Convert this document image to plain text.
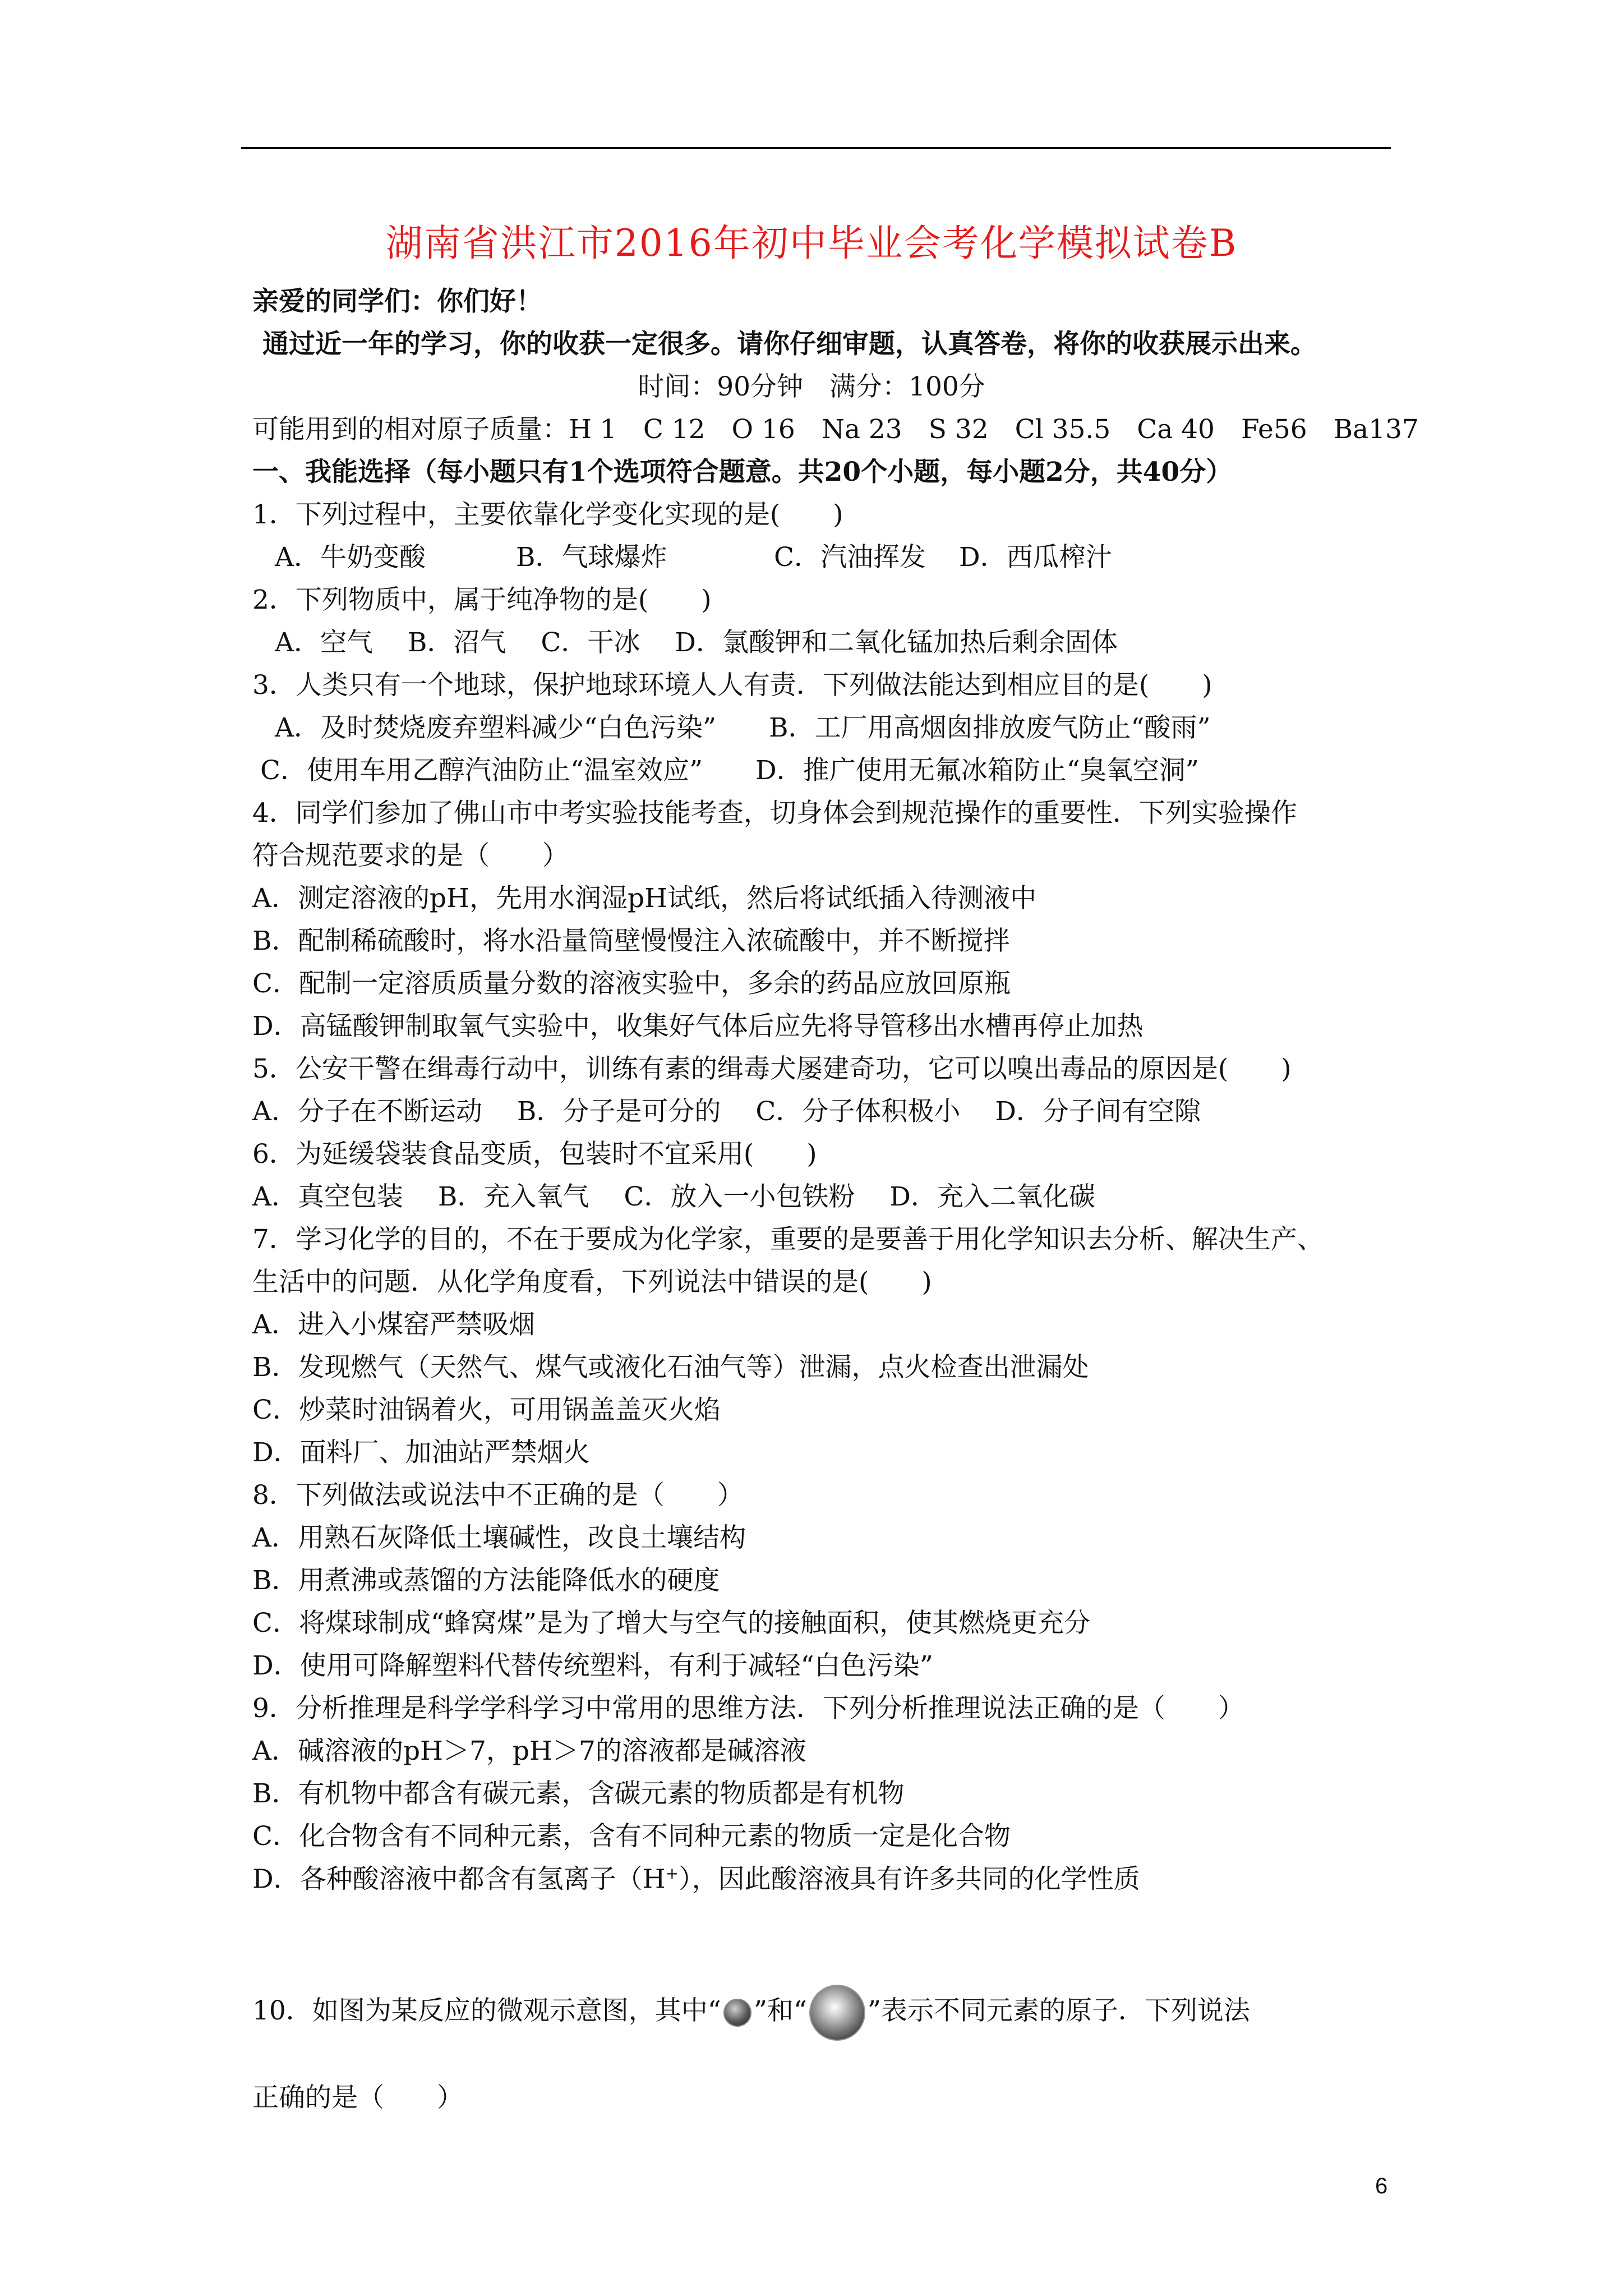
湖南省洪江市2016年初中毕业会考化学模拟试卷B
亲爱的同学们：你们好！
通过近一年的学习，你的收获一定很多。请你仔细审题，认真答卷，将你的收获展示出来。
时间：90分钟　满分：100分
可能用到的相对原子质量：H 1　C 12　O 16　Na 23　S 32　Cl 35.5　Ca 40　Fe56　Ba137
一、我能选择（每小题只有1个选项符合题意。共20个小题，每小题2分，共40分）
1．下列过程中，主要依靠化学变化实现的是(　　)
A．牛奶变酸	B．气球爆炸	C．汽油挥发 D．西瓜榨汁
2．下列物质中，属于纯净物的是(　　)
A．空气　 B．沼气　 C．干冰　 D．氯酸钾和二氧化锰加热后剩余固体
3．人类只有一个地球，保护地球环境人人有责．下列做法能达到相应目的是(　　)
A．及时焚烧废弃塑料减少“白色污染”　　B．工厂用高烟囱排放废气防止“酸雨”
C．使用车用乙醇汽油防止“温室效应”　　D．推广使用无氟冰箱防止“臭氧空洞”
4．同学们参加了佛山市中考实验技能考查，切身体会到规范操作的重要性．下列实验操作
符合规范要求的是（　　）
A．测定溶液的pH，先用水润湿pH试纸，然后将试纸插入待测液中
B．配制稀硫酸时，将水沿量筒壁慢慢注入浓硫酸中，并不断搅拌
C．配制一定溶质质量分数的溶液实验中，多余的药品应放回原瓶
D．高锰酸钾制取氧气实验中，收集好气体后应先将导管移出水槽再停止加热
5．公安干警在缉毒行动中，训练有素的缉毒犬屡建奇功，它可以嗅出毒品的原因是(　　)
A．分子在不断运动　 B．分子是可分的　 C．分子体积极小　 D．分子间有空隙
6．为延缓袋装食品变质，包装时不宜采用(　　)
A．真空包装　 B．充入氧气　 C．放入一小包铁粉　 D．充入二氧化碳
7．学习化学的目的，不在于要成为化学家，重要的是要善于用化学知识去分析、解决生产、
生活中的问题．从化学角度看，下列说法中错误的是(　　)
A．进入小煤窑严禁吸烟
B．发现燃气（天然气、煤气或液化石油气等）泄漏，点火检查出泄漏处
C．炒菜时油锅着火，可用锅盖盖灭火焰
D．面料厂、加油站严禁烟火
8．下列做法或说法中不正确的是（　　）
A．用熟石灰降低土壤碱性，改良土壤结构
B．用煮沸或蒸馏的方法能降低水的硬度
C．将煤球制成“蜂窝煤”是为了增大与空气的接触面积，使其燃烧更充分
D．使用可降解塑料代替传统塑料，有利于减轻“白色污染”
9．分析推理是科学学科学习中常用的思维方法．下列分析推理说法正确的是（　　）
A．碱溶液的pH＞7，pH＞7的溶液都是碱溶液
B．有机物中都含有碳元素，含碳元素的物质都是有机物
C．化合物含有不同种元素，含有不同种元素的物质一定是化合物
D．各种酸溶液中都含有氢离子（H+），因此酸溶液具有许多共同的化学性质
10．如图为某反应的微观示意图，其中“ ”和“ ”表示不同元素的原子．下列说法
正确的是（　　）
6
